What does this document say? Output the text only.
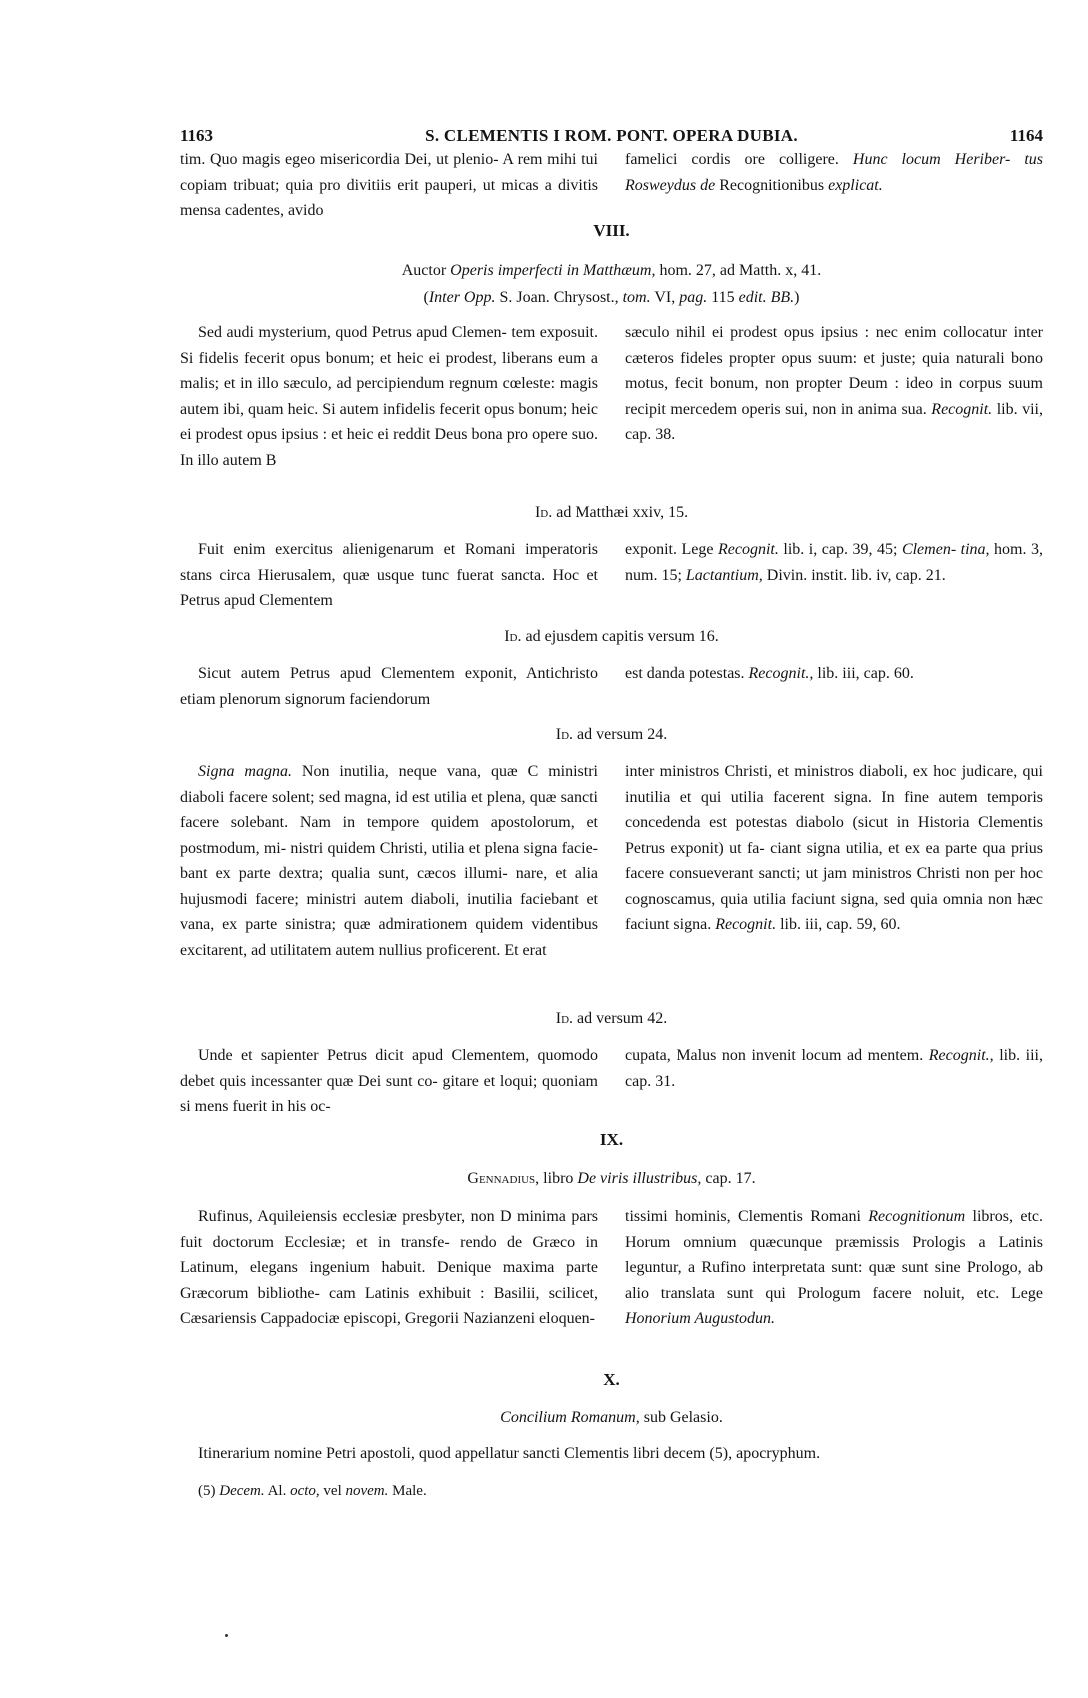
1163	S. CLEMENTIS I ROM. PONT. OPERA DUBIA.	1164

tim. Quo magis egeo misericordia Dei, ut plenio- A rem mihi tui copiam tribuat; quia pro divitiis erit pauperi, ut micas a divitis mensa cadentes, avido

famelici cordis ore colligere. Hunc locum Heriber- tus Rosweydus de Recognitionibus explicat.

VIII.
Auctor Operis imperfecti in Matthæum, hom. 27, ad Matth. x, 41.
(Inter Opp. S. Joan. Chrysost., tom. VI, pag. 115 edit. BB.)

Sed audi mysterium, quod Petrus apud Clemen- tem exposuit. Si fidelis fecerit opus bonum; et heic ei prodest, liberans eum a malis; et in illo sæculo, ad percipiendum regnum cœleste: magis autem ibi, quam heic. Si autem infidelis fecerit opus bonum; heic ei prodest opus ipsius : et heic ei reddit Deus bona pro opere suo. In illo autem B

sæculo nihil ei prodest opus ipsius : nec enim collocatur inter cæteros fideles propter opus suum: et juste; quia naturali bono motus, fecit bonum, non propter Deum : ideo in corpus suum recipit mercedem operis sui, non in anima sua. Recognit. lib. vii, cap. 38.

Id. ad Matthæi xxiv, 15.

Fuit enim exercitus alienigenarum et Romani imperatoris stans circa Hierusalem, quæ usque tunc fuerat sancta. Hoc et Petrus apud Clementem

exponit. Lege Recognit. lib. i, cap. 39, 45; Clemen- tina, hom. 3, num. 15; Lactantium, Divin. instit. lib. iv, cap. 21.

Id. ad ejusdem capitis versum 16.

Sicut autem Petrus apud Clementem exponit, Antichristo etiam plenorum signorum faciendorum

est danda potestas. Recognit., lib. iii, cap. 60.

Id. ad versum 24.

Signa magna. Non inutilia, neque vana, quæ C ministri diaboli facere solent; sed magna, id est utilia et plena, quæ sancti facere solebant. Nam in tempore quidem apostolorum, et postmodum, mi- nistri quidem Christi, utilia et plena signa facie- bant ex parte dextra; qualia sunt, cæcos illumi- nare, et alia hujusmodi facere; ministri autem diaboli, inutilia faciebant et vana, ex parte sinistra; quæ admirationem quidem videntibus excitarent, ad utilitatem autem nullius proficerent. Et erat

inter ministros Christi, et ministros diaboli, ex hoc judicare, qui inutilia et qui utilia facerent signa. In fine autem temporis concedenda est potestas diabolo (sicut in Historia Clementis Petrus exponit) ut fa- ciant signa utilia, et ex ea parte qua prius facere consueverant sancti; ut jam ministros Christi non per hoc cognoscamus, quia utilia faciunt signa, sed quia omnia non hæc faciunt signa. Recognit. lib. iii, cap. 59, 60.

Id. ad versum 42.

Unde et sapienter Petrus dicit apud Clementem, quomodo debet quis incessanter quæ Dei sunt co- gitare et loqui; quoniam si mens fuerit in his oc-

cupata, Malus non invenit locum ad mentem. Recognit., lib. iii, cap. 31.

IX.
Gennadius, libro De viris illustribus, cap. 17.

Rufinus, Aquileiensis ecclesiæ presbyter, non D minima pars fuit doctorum Ecclesiæ; et in transfe- rendo de Græco in Latinum, elegans ingenium habuit. Denique maxima parte Græcorum bibliothe- cam Latinis exhibuit : Basilii, scilicet, Cæsariensis Cappadociæ episcopi, Gregorii Nazianzeni eloquen-

tissimi hominis, Clementis Romani Recognitionum libros, etc. Horum omnium quæcunque præmissis Prologis a Latinis leguntur, a Rufino interpretata sunt: quæ sunt sine Prologo, ab alio translata sunt qui Prologum facere noluit, etc. Lege Honorium Augustodun.

X.
Concilium Romanum, sub Gelasio.

Itinerarium nomine Petri apostoli, quod appellatur sancti Clementis libri decem (5), apocryphum.

(5) Decem. Al. octo, vel novem. Male.
